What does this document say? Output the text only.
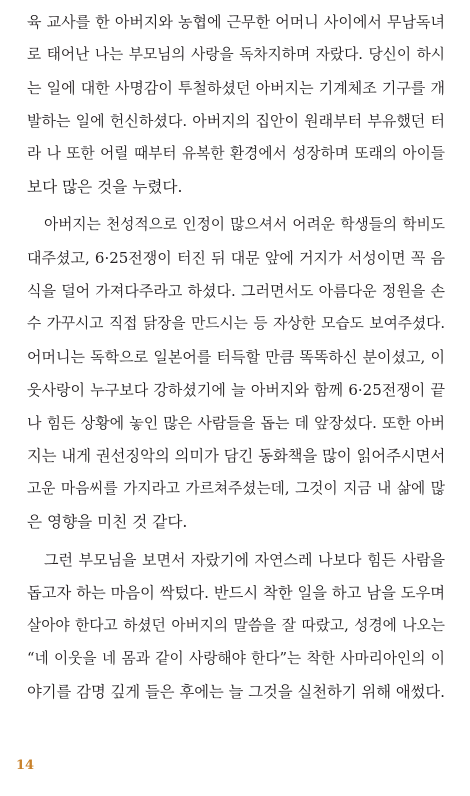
육 교사를 한 아버지와 농협에 근무한 어머니 사이에서 무남독녀
로 태어난 나는 부모님의 사랑을 독차지하며 자랐다. 당신이 하시
는 일에 대한 사명감이 투철하셨던 아버지는 기계체조 기구를 개
발하는 일에 헌신하셨다. 아버지의 집안이 원래부터 부유했던 터
라 나 또한 어릴 때부터 유복한 환경에서 성장하며 또래의 아이들
보다 많은 것을 누렸다.
아버지는 천성적으로 인정이 많으셔서 어려운 학생들의 학비도
대주셨고, 6·25전쟁이 터진 뒤 대문 앞에 거지가 서성이면 꼭 음
식을 덜어 가져다주라고 하셨다. 그러면서도 아름다운 정원을 손
수 가꾸시고 직접 닭장을 만드시는 등 자상한 모습도 보여주셨다.
어머니는 독학으로 일본어를 터득할 만큼 똑똑하신 분이셨고, 이
웃사랑이 누구보다 강하셨기에 늘 아버지와 함께 6·25전쟁이 끝
나 힘든 상황에 놓인 많은 사람들을 돕는 데 앞장섰다. 또한 아버
지는 내게 권선징악의 의미가 담긴 동화책을 많이 읽어주시면서
고운 마음씨를 가지라고 가르쳐주셨는데, 그것이 지금 내 삶에 많
은 영향을 미친 것 같다.
그런 부모님을 보면서 자랐기에 자연스레 나보다 힘든 사람을
돕고자 하는 마음이 싹텄다. 반드시 착한 일을 하고 남을 도우며
살아야 한다고 하셨던 아버지의 말씀을 잘 따랐고, 성경에 나오는
“네 이웃을 네 몸과 같이 사랑해야 한다”는 착한 사마리아인의 이
야기를 감명 깊게 들은 후에는 늘 그것을 실천하기 위해 애썼다.
14
